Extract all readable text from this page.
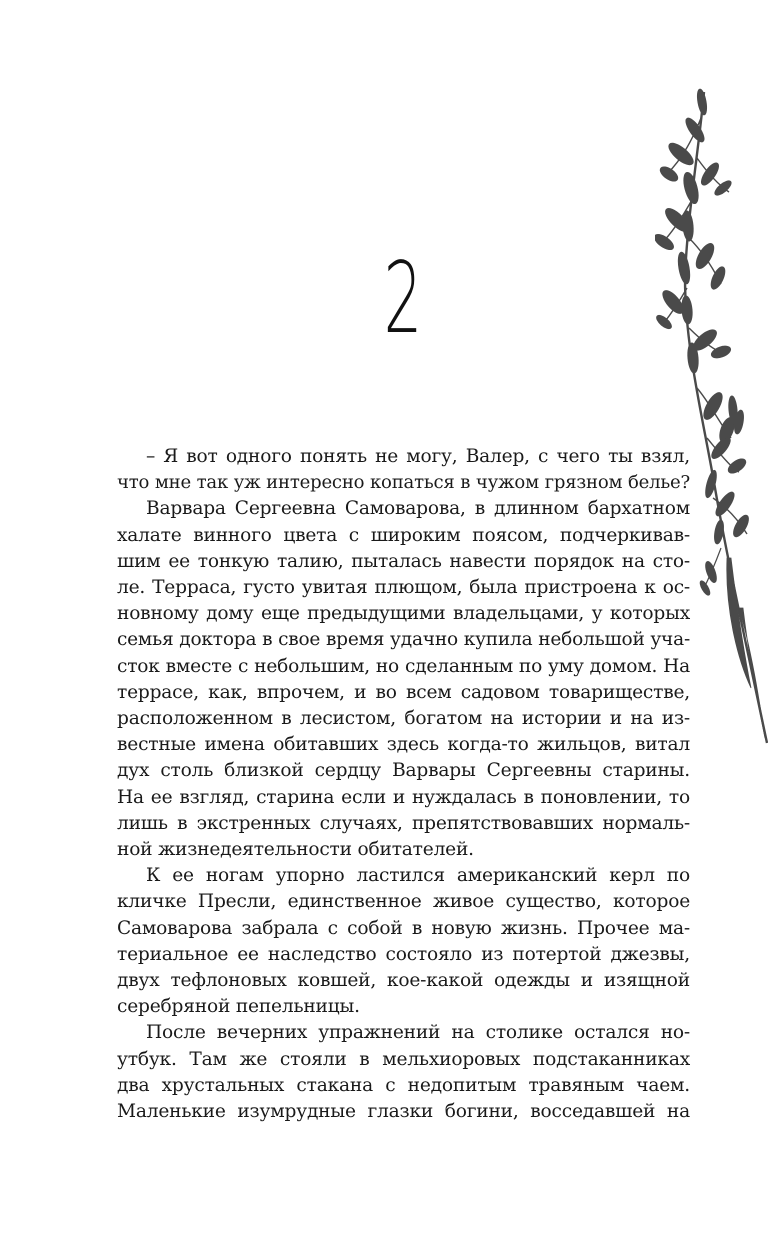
2
– Я вот одного понять не могу, Валер, с чего ты взял,
что мне так уж интересно копаться в чужом грязном белье?
Варвара Сергеевна Самоварова, в длинном бархатном
халате винного цвета с широким поясом, подчеркивав-
шим ее тонкую талию, пыталась навести порядок на сто-
ле. Терраса, густо увитая плющом, была пристроена к ос-
новному дому еще предыдущими владельцами, у которых
семья доктора в свое время удачно купила небольшой уча-
сток вместе с небольшим, но сделанным по уму домом. На
террасе, как, впрочем, и во всем садовом товариществе,
расположенном в лесистом, богатом на истории и на из-
вестные имена обитавших здесь когда-то жильцов, витал
дух столь близкой сердцу Варвары Сергеевны старины.
На ее взгляд, старина если и нуждалась в поновлении, то
лишь в экстренных случаях, препятствовавших нормаль-
ной жизнедеятельности обитателей.
К ее ногам упорно ластился американский керл по
кличке Пресли, единственное живое существо, которое
Самоварова забрала с собой в новую жизнь. Прочее ма-
териальное ее наследство состояло из потертой джезвы,
двух тефлоновых ковшей, кое-какой одежды и изящной
серебряной пепельницы.
После вечерних упражнений на столике остался но-
утбук. Там же стояли в мельхиоровых подстаканниках
два хрустальных стакана с недопитым травяным чаем.
Маленькие изумрудные глазки богини, восседавшей на
